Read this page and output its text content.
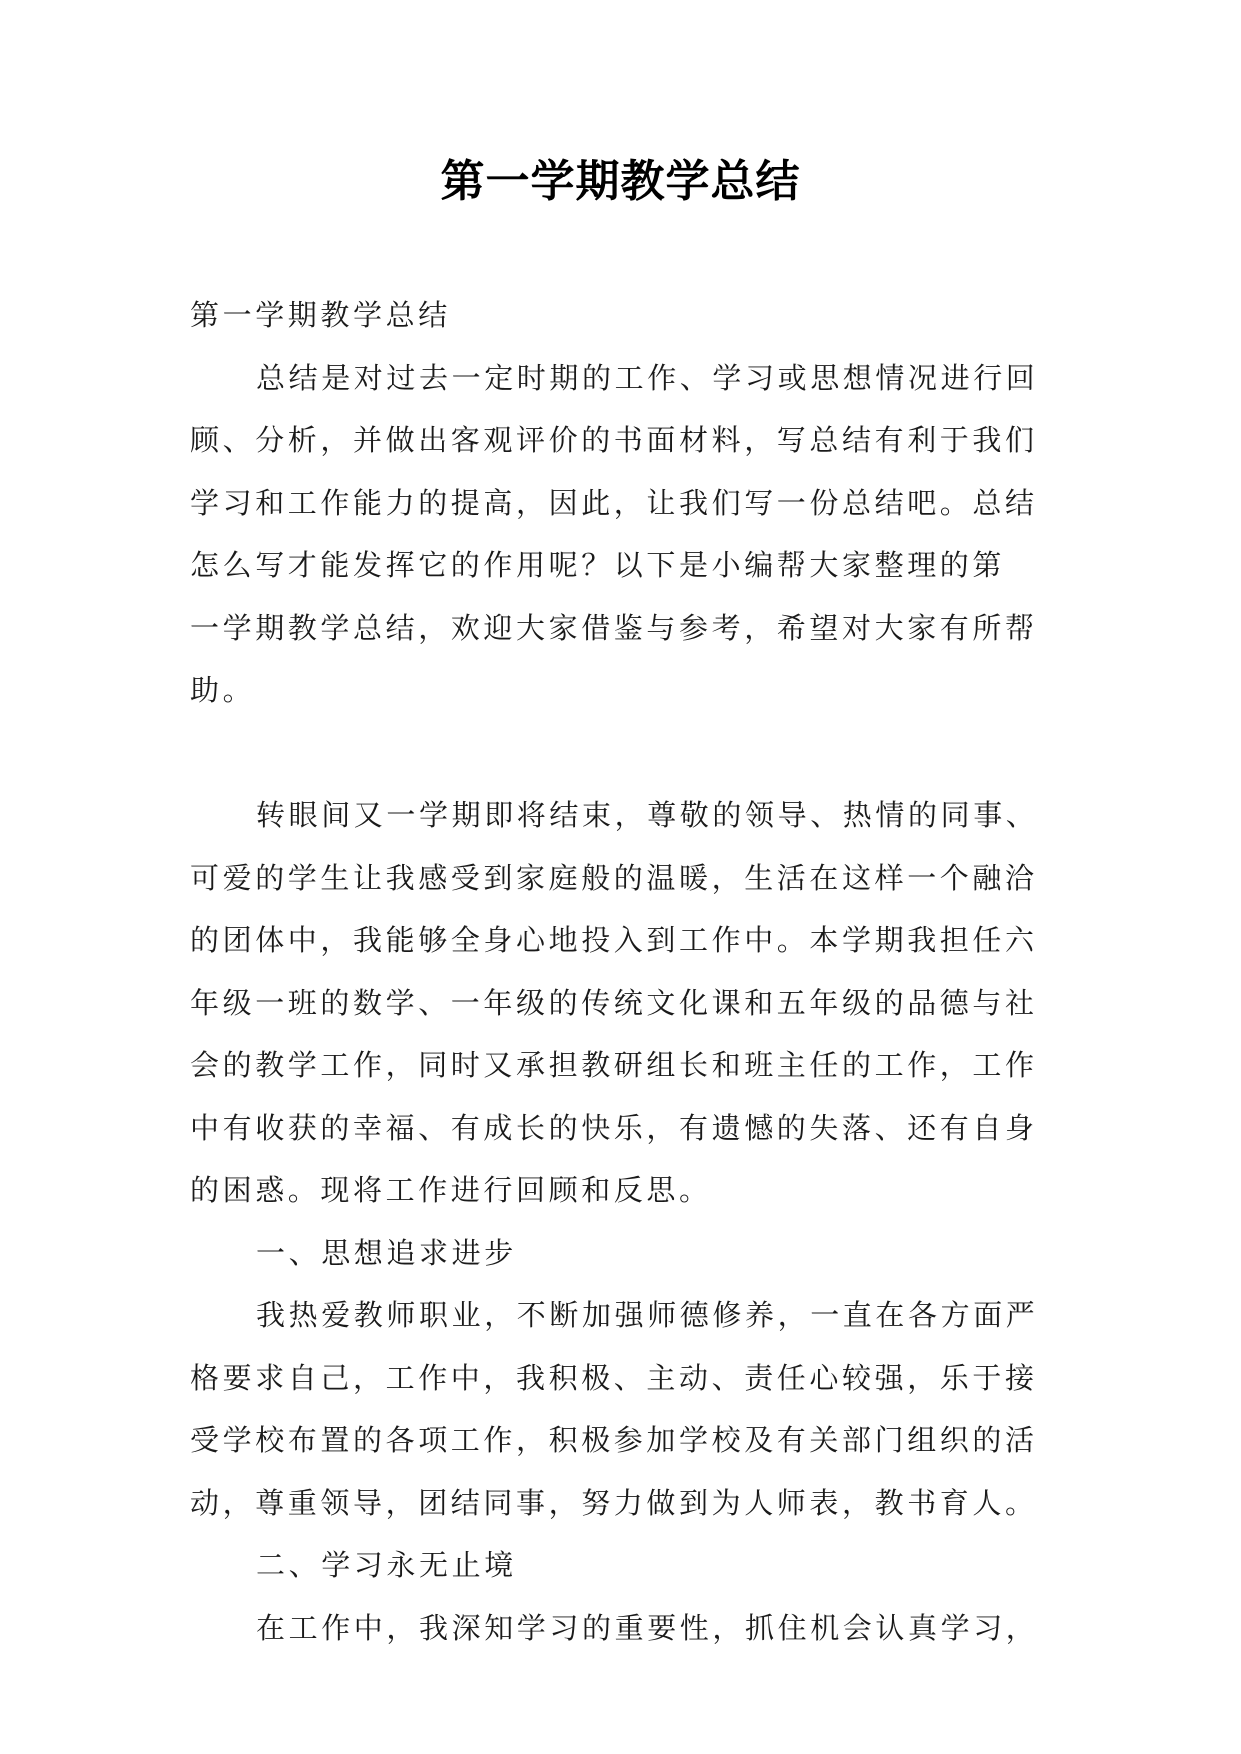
第一学期教学总结
第一学期教学总结
总结是对过去一定时期的工作、学习或思想情况进行回
顾、分析，并做出客观评价的书面材料，写总结有利于我们
学习和工作能力的提高，因此，让我们写一份总结吧。总结
怎么写才能发挥它的作用呢？以下是小编帮大家整理的第
一学期教学总结，欢迎大家借鉴与参考，希望对大家有所帮
助。
转眼间又一学期即将结束，尊敬的领导、热情的同事、
可爱的学生让我感受到家庭般的温暖，生活在这样一个融洽
的团体中，我能够全身心地投入到工作中。本学期我担任六
年级一班的数学、一年级的传统文化课和五年级的品德与社
会的教学工作，同时又承担教研组长和班主任的工作，工作
中有收获的幸福、有成长的快乐，有遗憾的失落、还有自身
的困惑。现将工作进行回顾和反思。
一、思想追求进步
我热爱教师职业，不断加强师德修养，一直在各方面严
格要求自己，工作中，我积极、主动、责任心较强，乐于接
受学校布置的各项工作，积极参加学校及有关部门组织的活
动，尊重领导，团结同事，努力做到为人师表，教书育人。
二、学习永无止境
在工作中，我深知学习的重要性，抓住机会认真学习，
